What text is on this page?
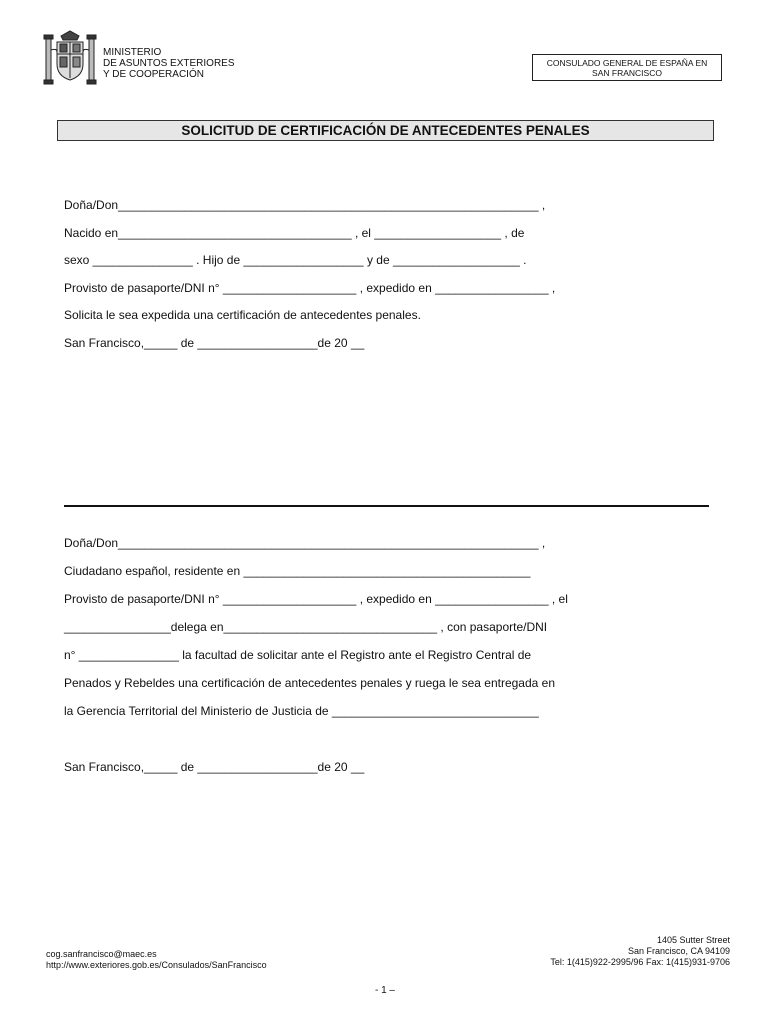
MINISTERIO
DE ASUNTOS EXTERIORES
Y DE COOPERACIÓN
CONSULADO GENERAL DE ESPAÑA EN
SAN FRANCISCO
SOLICITUD DE CERTIFICACIÓN DE ANTECEDENTES PENALES
Doña/Don_______________________________________________________________ ,
Nacido en___________________________________ , el ___________________ , de
sexo _______________ . Hijo de __________________ y de ___________________ .
Provisto de pasaporte/DNI n° ____________________ , expedido en _________________ ,
Solicita le sea expedida una certificación de antecedentes penales.
San Francisco,_____ de __________________de 20 __
Doña/Don_______________________________________________________________ ,
Ciudadano español, residente en ___________________________________________
Provisto de pasaporte/DNI n° ____________________ , expedido en _________________ , el
________________delega en________________________________ , con pasaporte/DNI
n° _______________ la facultad de solicitar ante el Registro ante el Registro Central de
Penados y Rebeldes una certificación de antecedentes penales y ruega le sea entregada en
la Gerencia Territorial del Ministerio de Justicia de _______________________________
San Francisco,_____ de __________________de 20 __
cog.sanfrancisco@maec.es
http://www.exteriores.gob.es/Consulados/SanFrancisco
1405 Sutter Street
San Francisco, CA 94109
Tel: 1(415)922-2995/96 Fax: 1(415)931-9706
- 1 –
